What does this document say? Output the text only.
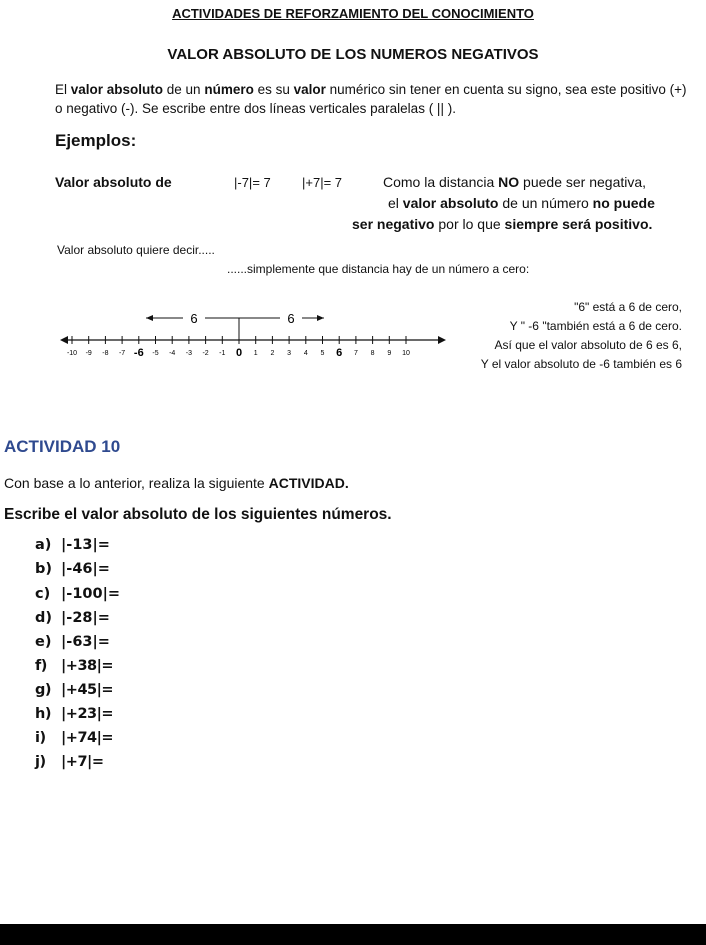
ACTIVIDADES DE REFORZAMIENTO DEL CONOCIMIENTO
VALOR ABSOLUTO DE LOS NUMEROS NEGATIVOS
El valor absoluto de un número es su valor numérico sin tener en cuenta su signo, sea este positivo (+) o negativo (-). Se escribe entre dos líneas verticales paralelas ( || ).
Ejemplos:
Valor absoluto de	|-7|= 7 |+7|= 7	Como la distancia NO puede ser negativa,
el valor absoluto de un número no puede
ser negativo por lo que siempre será positivo.
Valor absoluto quiere decir.....
......simplemente que distancia hay de un número a cero:
6	6
-10 -9 -8 -7 -6 -5 -4 -3 -2 -1 0 1 2 3 4 5 6 7 8 9 10
"6" está a 6 de cero,
Y " -6 "también está a 6 de cero.
Así que el valor absoluto de 6 es 6,
Y el valor absoluto de -6 también es 6
ACTIVIDAD 10
Con base a lo anterior, realiza la siguiente ACTIVIDAD.
Escribe el valor absoluto de los siguientes números.
a) |-13|=
b) |-46|=
c) |-100|=
d) |-28|=
e) |-63|=
f) |+38|=
g) |+45|=
h) |+23|=
i) |+74|=
j) |+7|=
